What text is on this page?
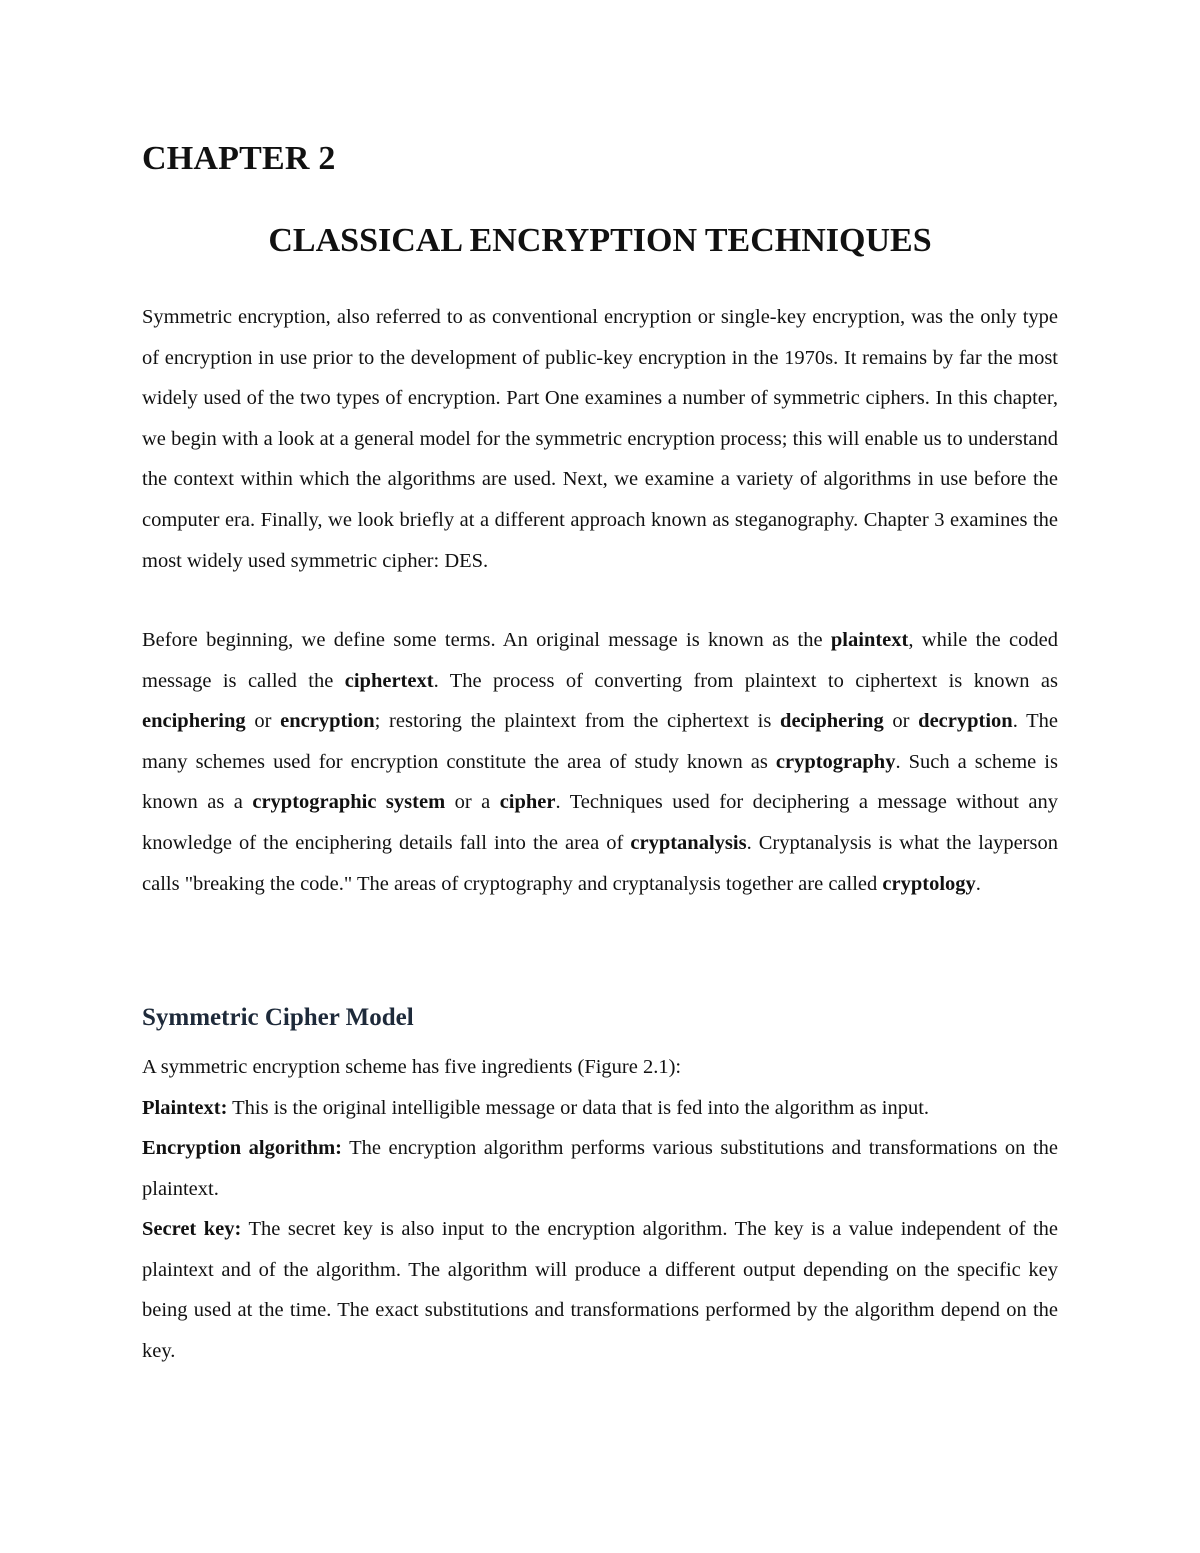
CHAPTER 2
CLASSICAL ENCRYPTION TECHNIQUES

Symmetric encryption, also referred to as conventional encryption or single-key encryption, was the only type of encryption in use prior to the development of public-key encryption in the 1970s. It remains by far the most widely used of the two types of encryption. Part One examines a number of symmetric ciphers. In this chapter, we begin with a look at a general model for the symmetric encryption process; this will enable us to understand the context within which the algorithms are used. Next, we examine a variety of algorithms in use before the computer era. Finally, we look briefly at a different approach known as steganography. Chapter 3 examines the most widely used symmetric cipher: DES.

Before beginning, we define some terms. An original message is known as the plaintext, while the coded message is called the ciphertext. The process of converting from plaintext to ciphertext is known as enciphering or encryption; restoring the plaintext from the ciphertext is deciphering or decryption. The many schemes used for encryption constitute the area of study known as cryptography. Such a scheme is known as a cryptographic system or a cipher. Techniques used for deciphering a message without any knowledge of the enciphering details fall into the area of cryptanalysis. Cryptanalysis is what the layperson calls "breaking the code." The areas of cryptography and cryptanalysis together are called cryptology.

Symmetric Cipher Model

A symmetric encryption scheme has five ingredients (Figure 2.1):

Plaintext: This is the original intelligible message or data that is fed into the algorithm as input.

Encryption algorithm: The encryption algorithm performs various substitutions and transformations on the plaintext.

Secret key: The secret key is also input to the encryption algorithm. The key is a value independent of the plaintext and of the algorithm. The algorithm will produce a different output depending on the specific key being used at the time. The exact substitutions and transformations performed by the algorithm depend on the key.
